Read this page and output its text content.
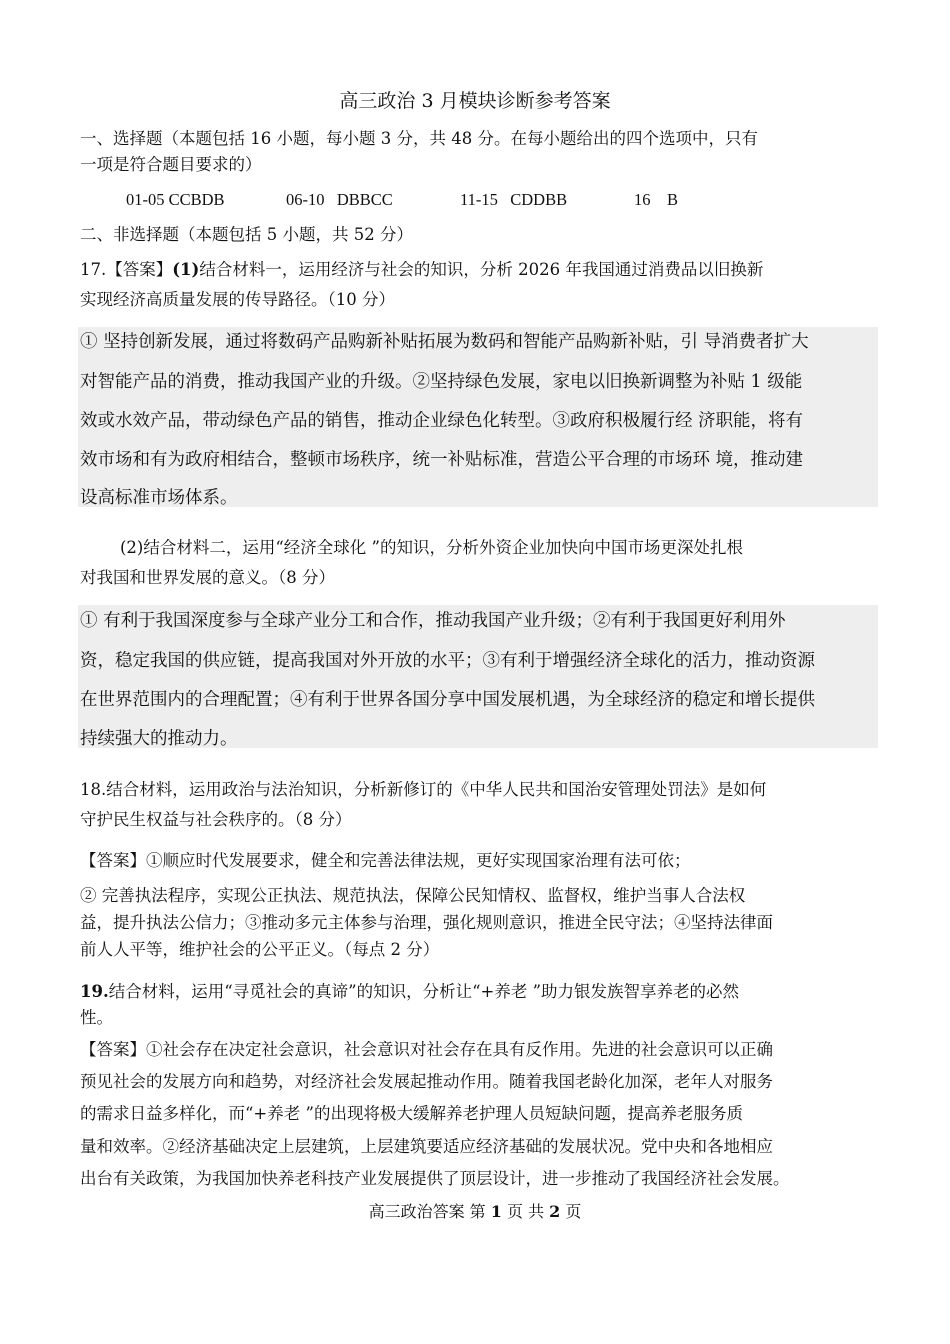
高三政治 3 月模块诊断参考答案
一、选择题（本题包括 16 小题，每小题 3 分，共 48 分。在每小题给出的四个选项中，只有
一项是符合题目要求的）
01-05 CCBDB	06-10 DBBCC	11-15 CDDBB	16 B
二、非选择题（本题包括 5 小题，共 52 分）
17.【答案】(1)结合材料一，运用经济与社会的知识，分析 2026 年我国通过消费品以旧换新
实现经济高质量发展的传导路径。（10 分）
① 坚持创新发展，通过将数码产品购新补贴拓展为数码和智能产品购新补贴，引 导消费者扩大
对智能产品的消费，推动我国产业的升级。②坚持绿色发展，家电以旧换新调整为补贴 1 级能
效或水效产品，带动绿色产品的销售，推动企业绿色化转型。③政府积极履行经 济职能，将有
效市场和有为政府相结合，整顿市场秩序，统一补贴标准，营造公平合理的市场环 境，推动建
设高标准市场体系。
(2)结合材料二，运用“经济全球化 ”的知识，分析外资企业加快向中国市场更深处扎根
对我国和世界发展的意义。（8 分）
① 有利于我国深度参与全球产业分工和合作，推动我国产业升级；②有利于我国更好利用外
资，稳定我国的供应链，提高我国对外开放的水平；③有利于增强经济全球化的活力，推动资源
在世界范围内的合理配置；④有利于世界各国分享中国发展机遇，为全球经济的稳定和增长提供
持续强大的推动力。
18.结合材料，运用政治与法治知识，分析新修订的《中华人民共和国治安管理处罚法》是如何
守护民生权益与社会秩序的。（8 分）
【答案】①顺应时代发展要求，健全和完善法律法规，更好实现国家治理有法可依；
② 完善执法程序，实现公正执法、规范执法，保障公民知情权、监督权，维护当事人合法权
益，提升执法公信力；③推动多元主体参与治理，强化规则意识，推进全民守法；④坚持法律面
前人人平等，维护社会的公平正义。（每点 2 分）
19.结合材料，运用“寻觅社会的真谛”的知识，分析让“+养老 ”助力银发族智享养老的必然
性。
【答案】①社会存在决定社会意识，社会意识对社会存在具有反作用。先进的社会意识可以正确
预见社会的发展方向和趋势，对经济社会发展起推动作用。随着我国老龄化加深，老年人对服务
的需求日益多样化，而“+养老 ”的出现将极大缓解养老护理人员短缺问题，提高养老服务质
量和效率。②经济基础决定上层建筑，上层建筑要适应经济基础的发展状况。党中央和各地相应
出台有关政策，为我国加快养老科技产业发展提供了顶层设计，进一步推动了我国经济社会发展。
高三政治答案 第 1 页 共 2 页
